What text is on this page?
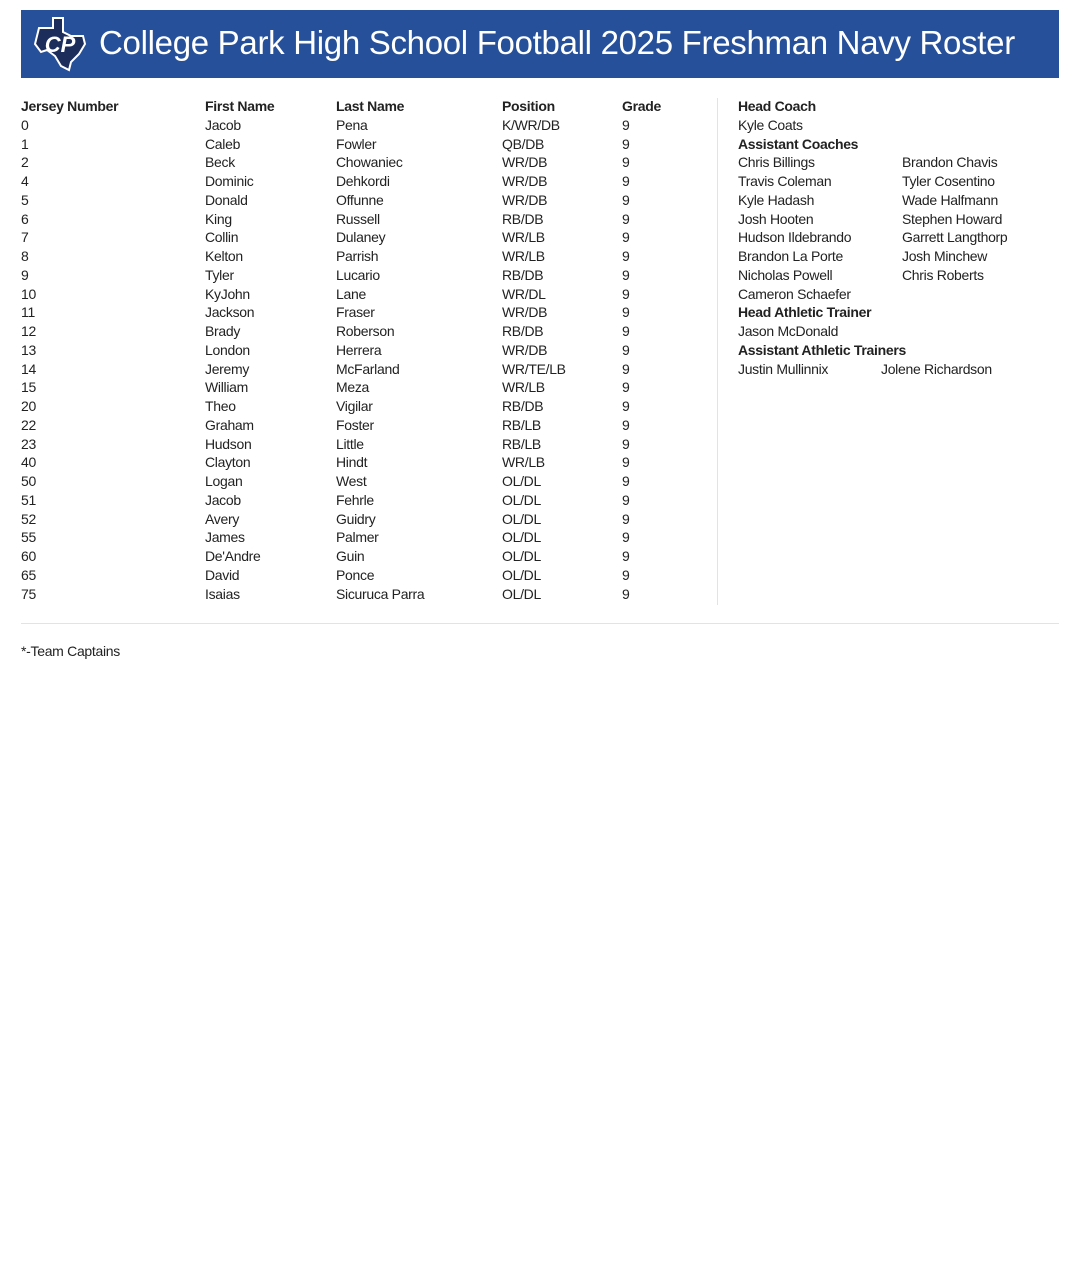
CP College Park High School Football 2025 Freshman Navy Roster
Jersey Number	First Name	Last Name	Position	Grade
0	Jacob	Pena	K/WR/DB	9
1	Caleb	Fowler	QB/DB	9
2	Beck	Chowaniec	WR/DB	9
4	Dominic	Dehkordi	WR/DB	9
5	Donald	Offunne	WR/DB	9
6	King	Russell	RB/DB	9
7	Collin	Dulaney	WR/LB	9
8	Kelton	Parrish	WR/LB	9
9	Tyler	Lucario	RB/DB	9
10	KyJohn	Lane	WR/DL	9
11	Jackson	Fraser	WR/DB	9
12	Brady	Roberson	RB/DB	9
13	London	Herrera	WR/DB	9
14	Jeremy	McFarland	WR/TE/LB	9
15	William	Meza	WR/LB	9
20	Theo	Vigilar	RB/DB	9
22	Graham	Foster	RB/LB	9
23	Hudson	Little	RB/LB	9
40	Clayton	Hindt	WR/LB	9
50	Logan	West	OL/DL	9
51	Jacob	Fehrle	OL/DL	9
52	Avery	Guidry	OL/DL	9
55	James	Palmer	OL/DL	9
60	De'Andre	Guin	OL/DL	9
65	David	Ponce	OL/DL	9
75	Isaias	Sicuruca Parra	OL/DL	9
Head Coach
Kyle Coats
Assistant Coaches
Chris Billings	Brandon Chavis
Travis Coleman	Tyler Cosentino
Kyle Hadash	Wade Halfmann
Josh Hooten	Stephen Howard
Hudson Ildebrando	Garrett Langthorp
Brandon La Porte	Josh Minchew
Nicholas Powell	Chris Roberts
Cameron Schaefer
Head Athletic Trainer
Jason McDonald
Assistant Athletic Trainers
Justin Mullinnix	Jolene Richardson
*-Team Captains
